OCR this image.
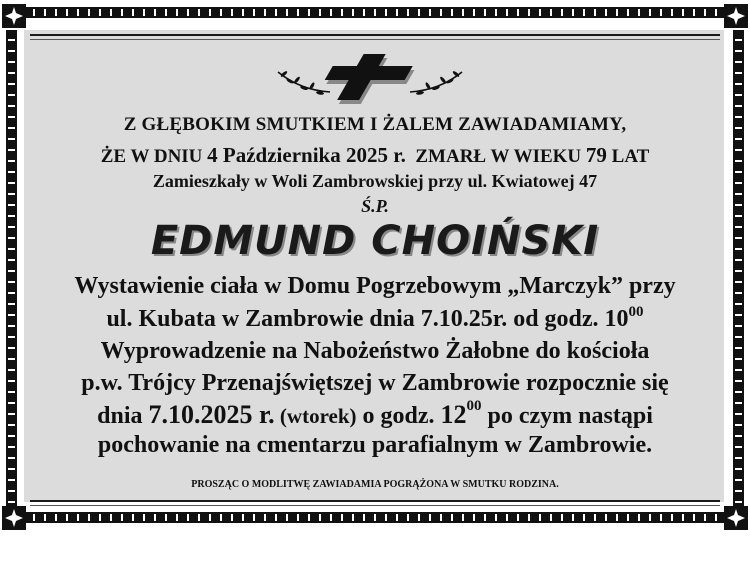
Z GŁĘBOKIM SMUTKIEM I ŻALEM ZAWIADAMIAMY,
ŻE W DNIU 4 Października 2025 r.  ZMARŁ W WIEKU 79 LAT
Zamieszkały w Woli Zambrowskiej przy ul. Kwiatowej 47
Ś.P.
EDMUND CHOIŃSKI
Wystawienie ciała w Domu Pogrzebowym „Marczyk” przy
ul. Kubata w Zambrowie dnia 7.10.25r. od godz. $10^{00}$
Wyprowadzenie na Nabożeństwo Żałobne do kościoła
p.w. Trójcy Przenajświętszej w Zambrowie rozpocznie się
dnia 7.10.2025 r. (wtorek) o godz. $12^{00}$ po czym nastąpi
pochowanie na cmentarzu parafialnym w Zambrowie.
PROSZĄC O MODLITWĘ ZAWIADAMIA POGRĄŻONA W SMUTKU RODZINA.
